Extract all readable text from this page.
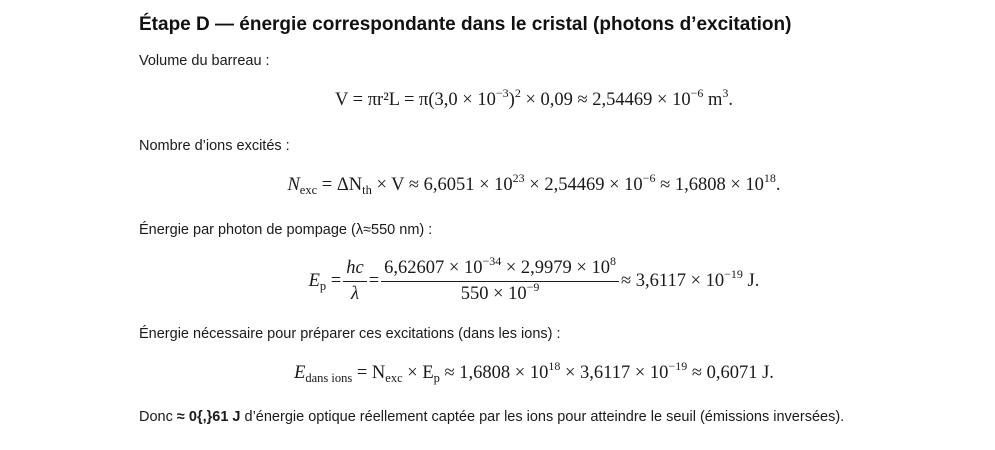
Étape D — énergie correspondante dans le cristal (photons d’excitation)

Volume du barreau :

$V = \pi r^2L = \pi(3,0 \times 10^{-3})^2 \times 0,09 \approx 2,54469 \times 10^{-6}$ $m^3$.

Nombre d’ions excités :

$N_{exc} = \Delta N_{th} \times V \approx 6,6051 \times 10^{23} \times 2,54469 \times 10^{-6} \approx 1,6808 \times 10^{18}$.

Énergie par photon de pompage (λ≈550 nm) :

$E_p = \frac{hc}{\lambda} = \frac{6,62607 \times 10^{-34} \times 2,9979 \times 10^8}{550 \times 10^{-9}} \approx 3,6117 \times 10^{-19}$ J.

Énergie nécessaire pour préparer ces excitations (dans les ions) :

$E_{dans ions} = N_{exc} \times E_p \approx 1,6808 \times 10^{18} \times 3,6117 \times 10^{-19} \approx 0,6071$ J.

Donc ≈ 0{,}61 J d’énergie optique réellement captée par les ions pour atteindre le seuil (émissions inversées).
